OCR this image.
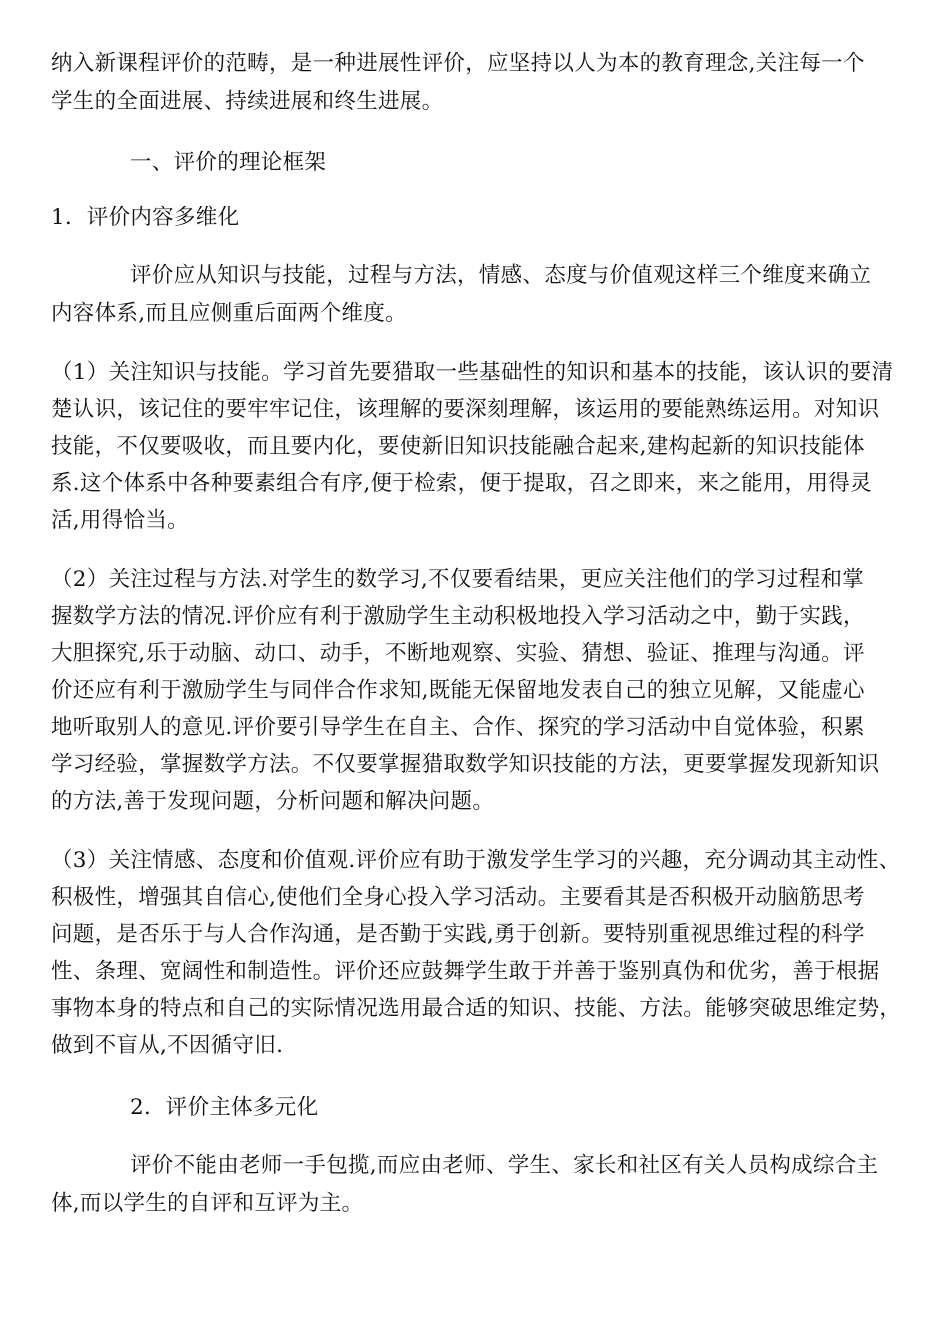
纳入新课程评价的范畴，是一种进展性评价，应坚持以人为本的教育理念,关注每一个
学生的全面进展、持续进展和终生进展。
一、评价的理论框架
1．评价内容多维化
评价应从知识与技能，过程与方法，情感、态度与价值观这样三个维度来确立
内容体系,而且应侧重后面两个维度。
（1）关注知识与技能。学习首先要猎取一些基础性的知识和基本的技能，该认识的要清
楚认识，该记住的要牢牢记住，该理解的要深刻理解，该运用的要能熟练运用。对知识
技能，不仅要吸收，而且要内化，要使新旧知识技能融合起来,建构起新的知识技能体
系.这个体系中各种要素组合有序,便于检索，便于提取，召之即来，来之能用，用得灵
活,用得恰当。
（2）关注过程与方法.对学生的数学习,不仅要看结果，更应关注他们的学习过程和掌
握数学方法的情况.评价应有利于激励学生主动积极地投入学习活动之中，勤于实践，
大胆探究,乐于动脑、动口、动手，不断地观察、实验、猜想、验证、推理与沟通。评
价还应有利于激励学生与同伴合作求知,既能无保留地发表自己的独立见解，又能虚心
地听取别人的意见.评价要引导学生在自主、合作、探究的学习活动中自觉体验，积累
学习经验，掌握数学方法。不仅要掌握猎取数学知识技能的方法，更要掌握发现新知识
的方法,善于发现问题，分析问题和解决问题。
（3）关注情感、态度和价值观.评价应有助于激发学生学习的兴趣，充分调动其主动性、
积极性，增强其自信心,使他们全身心投入学习活动。主要看其是否积极开动脑筋思考
问题，是否乐于与人合作沟通，是否勤于实践,勇于创新。要特别重视思维过程的科学
性、条理、宽阔性和制造性。评价还应鼓舞学生敢于并善于鉴别真伪和优劣，善于根据
事物本身的特点和自己的实际情况选用最合适的知识、技能、方法。能够突破思维定势，
做到不盲从,不因循守旧.
2．评价主体多元化
评价不能由老师一手包揽,而应由老师、学生、家长和社区有关人员构成综合主
体,而以学生的自评和互评为主。
